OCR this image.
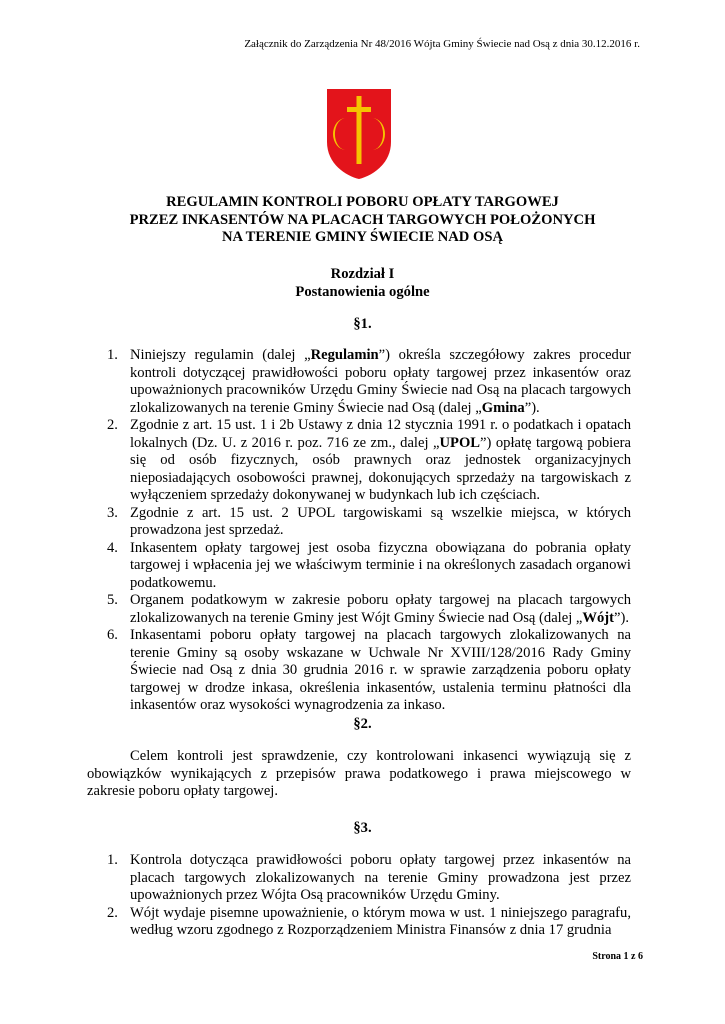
Załącznik do Zarządzenia Nr 48/2016 Wójta Gminy Świecie nad Osą z dnia 30.12.2016 r.
REGULAMIN KONTROLI POBORU OPŁATY TARGOWEJ
PRZEZ INKASENTÓW NA PLACACH TARGOWYCH POŁOŻONYCH
NA TERENIE GMINY ŚWIECIE NAD OSĄ
Rozdział I
Postanowienia ogólne
§1.
1. Niniejszy regulamin (dalej „Regulamin”) określa szczegółowy zakres procedur kontroli dotyczącej prawidłowości poboru opłaty targowej przez inkasentów oraz upoważnionych pracowników Urzędu Gminy Świecie nad Osą na placach targowych zlokalizowanych na terenie Gminy Świecie nad Osą (dalej „Gmina”).
2. Zgodnie z art. 15 ust. 1 i 2b Ustawy z dnia 12 stycznia 1991 r. o podatkach i opatach lokalnych (Dz. U. z 2016 r. poz. 716 ze zm., dalej „UPOL”) opłatę targową pobiera się od osób fizycznych, osób prawnych oraz jednostek organizacyjnych nieposiadających osobowości prawnej, dokonujących sprzedaży na targowiskach z wyłączeniem sprzedaży dokonywanej w budynkach lub ich częściach.
3. Zgodnie z art. 15 ust. 2 UPOL targowiskami są wszelkie miejsca, w których prowadzona jest sprzedaż.
4. Inkasentem opłaty targowej jest osoba fizyczna obowiązana do pobrania opłaty targowej i wpłacenia jej we właściwym terminie i na określonych zasadach organowi podatkowemu.
5. Organem podatkowym w zakresie poboru opłaty targowej na placach targowych zlokalizowanych na terenie Gminy jest Wójt Gminy Świecie nad Osą (dalej „Wójt”).
6. Inkasentami poboru opłaty targowej na placach targowych zlokalizowanych na terenie Gminy są osoby wskazane w Uchwale Nr XVIII/128/2016 Rady Gminy Świecie nad Osą z dnia 30 grudnia 2016 r. w sprawie zarządzenia poboru opłaty targowej w drodze inkasa, określenia inkasentów, ustalenia terminu płatności dla inkasentów oraz wysokości wynagrodzenia za inkaso.
§2.

Celem kontroli jest sprawdzenie, czy kontrolowani inkasenci wywiązują się z obowiązków wynikających z przepisów prawa podatkowego i prawa miejscowego w zakresie poboru opłaty targowej.

§3.
1. Kontrola dotycząca prawidłowości poboru opłaty targowej przez inkasentów na placach targowych zlokalizowanych na terenie Gminy prowadzona jest przez upoważnionych przez Wójta Osą pracowników Urzędu Gminy.
2. Wójt wydaje pisemne upoważnienie, o którym mowa w ust. 1 niniejszego paragrafu, według wzoru zgodnego z Rozporządzeniem Ministra Finansów z dnia 17 grudnia
Strona 1 z 6
